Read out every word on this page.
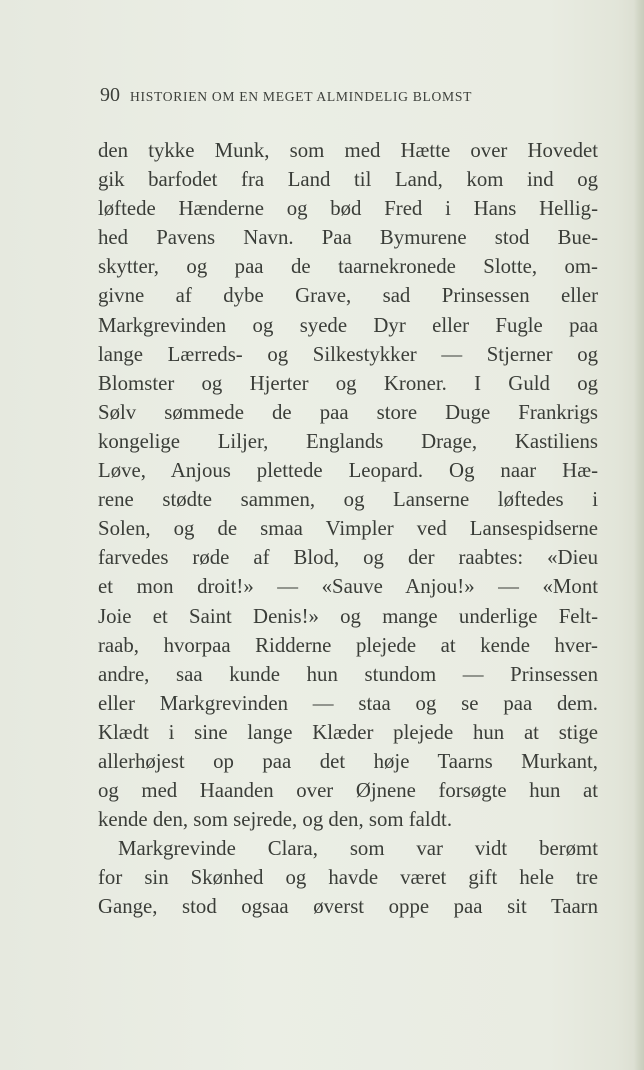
90 HISTORIEN OM EN MEGET ALMINDELIG BLOMST
den tykke Munk, som med Hætte over Hovedet
gik barfodet fra Land til Land, kom ind og
løftede Hænderne og bød Fred i Hans Hellig-
hed Pavens Navn. Paa Bymurene stod Bue-
skytter, og paa de taarnekronede Slotte, om-
givne af dybe Grave, sad Prinsessen eller
Markgrevinden og syede Dyr eller Fugle paa
lange Lærreds- og Silkestykker — Stjerner og
Blomster og Hjerter og Kroner. I Guld og
Sølv sømmede de paa store Duge Frankrigs
kongelige Liljer, Englands Drage, Kastiliens
Løve, Anjous plettede Leopard. Og naar Hæ-
rene stødte sammen, og Lanserne løftedes i
Solen, og de smaa Vimpler ved Lansespidserne
farvedes røde af Blod, og der raabtes: «Dieu
et mon droit!» — «Sauve Anjou!» — «Mont
Joie et Saint Denis!» og mange underlige Felt-
raab, hvorpaa Ridderne plejede at kende hver-
andre, saa kunde hun stundom — Prinsessen
eller Markgrevinden — staa og se paa dem.
Klædt i sine lange Klæder plejede hun at stige
allerhøjest op paa det høje Taarns Murkant,
og med Haanden over Øjnene forsøgte hun at
kende den, som sejrede, og den, som faldt.
Markgrevinde Clara, som var vidt berømt
for sin Skønhed og havde været gift hele tre
Gange, stod ogsaa øverst oppe paa sit Taarn
